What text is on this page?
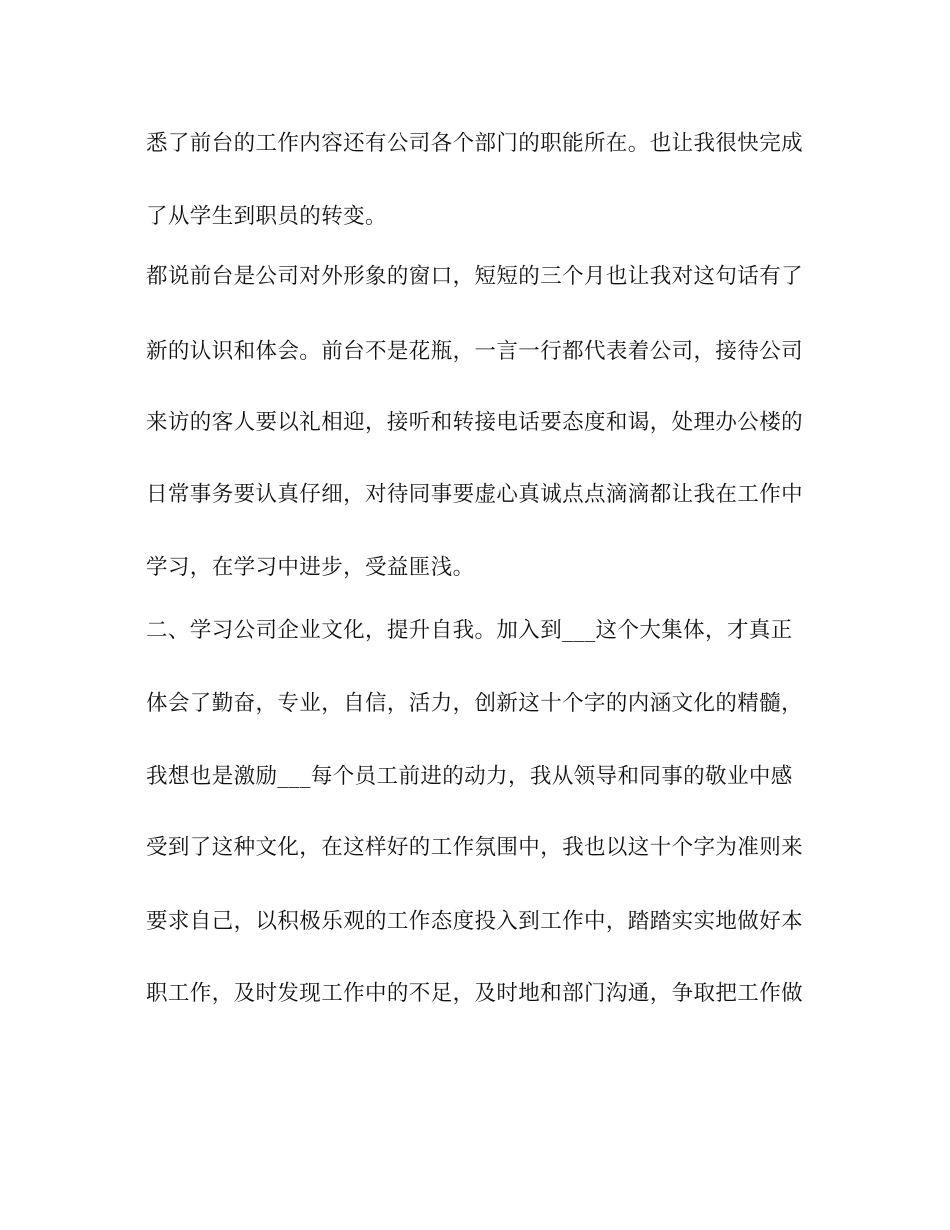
悉了前台的工作内容还有公司各个部门的职能所在。也让我很快完成
了从学生到职员的转变。
都说前台是公司对外形象的窗口，短短的三个月也让我对这句话有了
新的认识和体会。前台不是花瓶，一言一行都代表着公司，接待公司
来访的客人要以礼相迎，接听和转接电话要态度和谒，处理办公楼的
日常事务要认真仔细，对待同事要虚心真诚点点滴滴都让我在工作中
学习，在学习中进步，受益匪浅。
二、学习公司企业文化，提升自我。加入到___这个大集体，才真正
体会了勤奋，专业，自信，活力，创新这十个字的内涵文化的精髓，
我想也是激励___每个员工前进的动力，我从领导和同事的敬业中感
受到了这种文化，在这样好的工作氛围中，我也以这十个字为准则来
要求自己，以积极乐观的工作态度投入到工作中，踏踏实实地做好本
职工作，及时发现工作中的不足，及时地和部门沟通，争取把工作做
